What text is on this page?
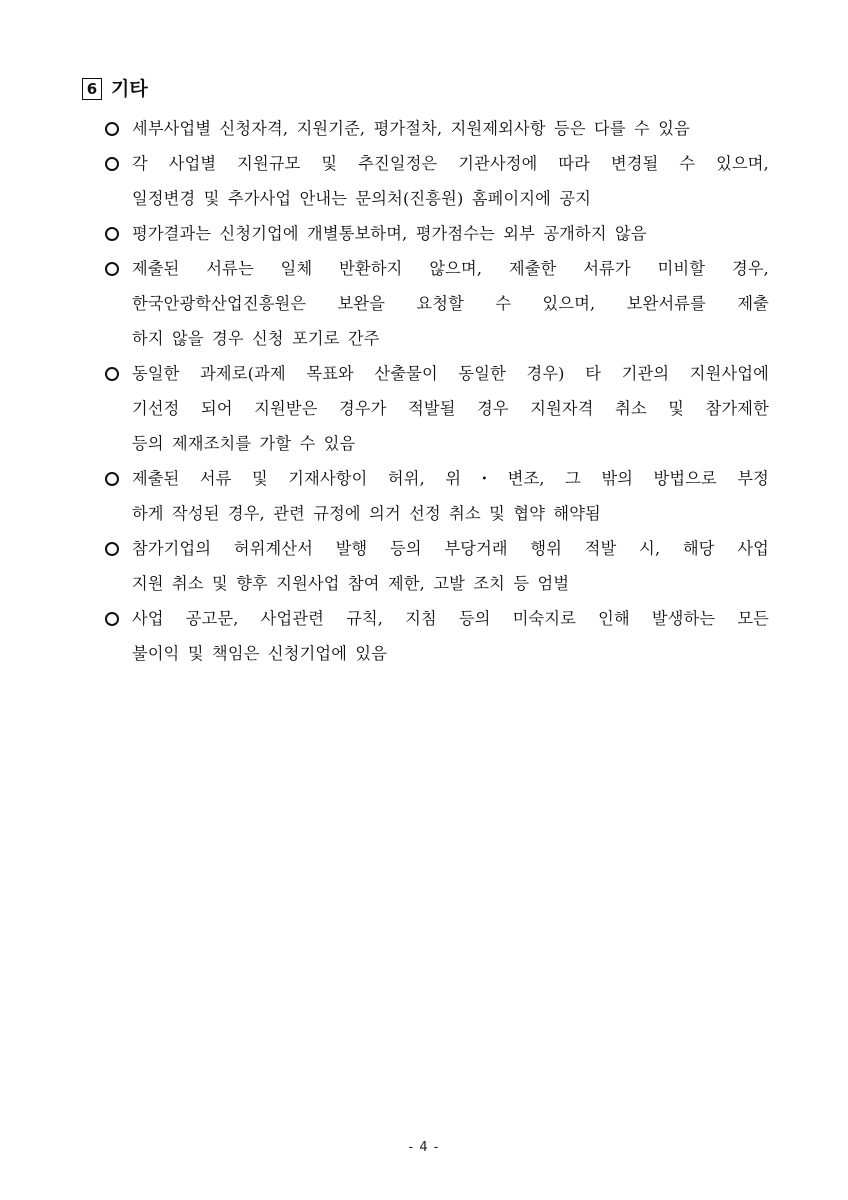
6 기타
세부사업별 신청자격, 지원기준, 평가절차, 지원제외사항 등은 다를 수 있음
각 사업별 지원규모 및 추진일정은 기관사정에 따라 변경될 수 있으며,
일정변경 및 추가사업 안내는 문의처(진흥원) 홈페이지에 공지
평가결과는 신청기업에 개별통보하며, 평가점수는 외부 공개하지 않음
제출된 서류는 일체 반환하지 않으며, 제출한 서류가 미비할 경우,
한국안광학산업진흥원은 보완을 요청할 수 있으며, 보완서류를 제출
하지 않을 경우 신청 포기로 간주
동일한 과제로(과제 목표와 산출물이 동일한 경우) 타 기관의 지원사업에
기선정 되어 지원받은 경우가 적발될 경우 지원자격 취소 및 참가제한
등의 제재조치를 가할 수 있음
제출된 서류 및 기재사항이 허위, 위・변조, 그 밖의 방법으로 부정
하게 작성된 경우, 관련 규정에 의거 선정 취소 및 협약 해약됨
참가기업의 허위계산서 발행 등의 부당거래 행위 적발 시, 해당 사업
지원 취소 및 향후 지원사업 참여 제한, 고발 조치 등 엄벌
사업 공고문, 사업관련 규칙, 지침 등의 미숙지로 인해 발생하는 모든
불이익 및 책임은 신청기업에 있음
- 4 -
